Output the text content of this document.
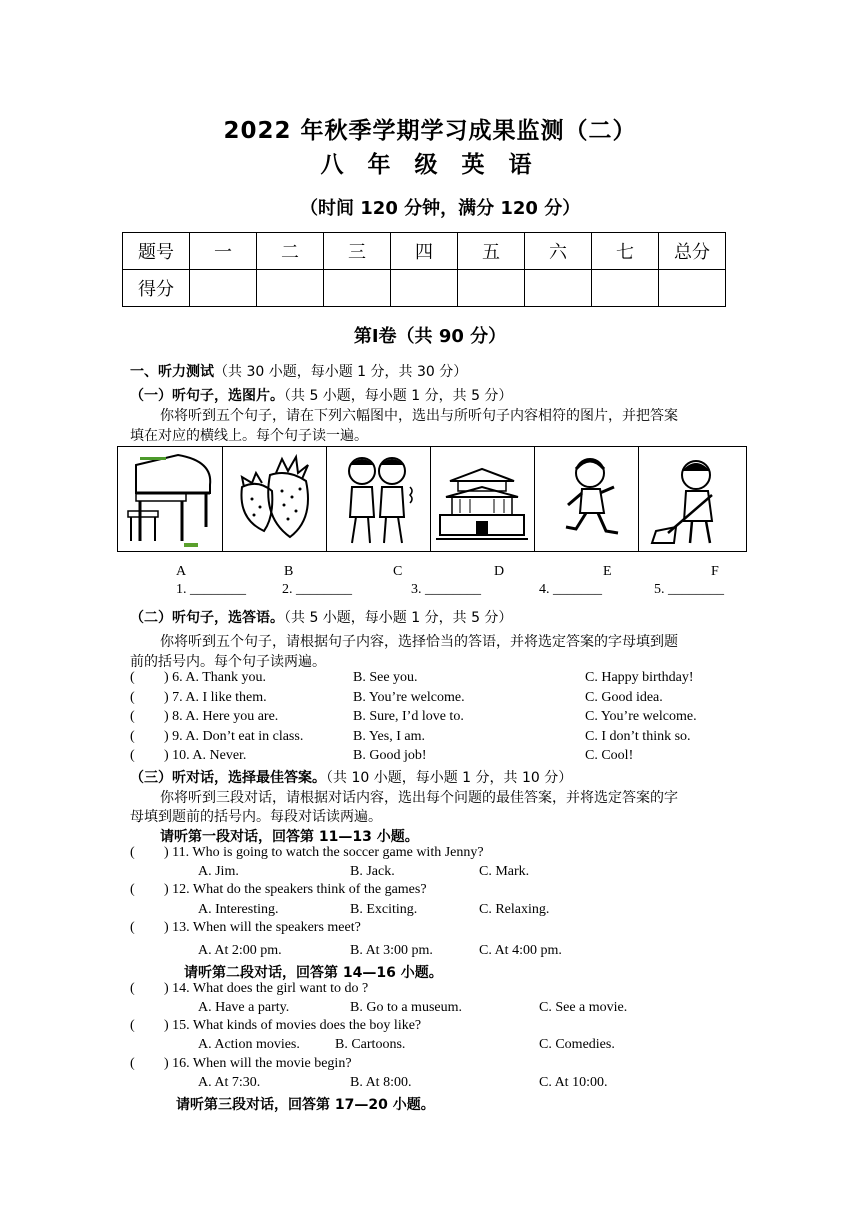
2022 年秋季学期学习成果监测（二）
八 年 级 英 语
（时间 120 分钟，满分 120 分）
题号	一	二	三	四	五	六	七	总分
得分								
第Ⅰ卷（共 90 分）
一、听力测试（共 30 小题，每小题 1 分，共 30 分）
（一）听句子，选图片。（共 5 小题，每小题 1 分，共 5 分）
你将听到五个句子，请在下列六幅图中，选出与所听句子内容相符的图片，并把答案
填在对应的横线上。每个句子读一遍。
A	B	C	D	E	F
1. ________	2. ________	3. ________	4. _______	5. ________
（二）听句子，选答语。（共 5 小题，每小题 1 分，共 5 分）
你将听到五个句子，请根据句子内容，选择恰当的答语，并将选定答案的字母填到题
前的括号内。每个句子读两遍。
( ) 6. A. Thank you.	B. See you.	C. Happy birthday!
( ) 7. A. I like them.	B. You’re welcome.	C. Good idea.
( ) 8. A. Here you are.	B. Sure, I’d love to.	C. You’re welcome.
( ) 9. A. Don’t eat in class.	B. Yes, I am.	C. I don’t think so.
( ) 10. A. Never.	B. Good job!	C. Cool!
（三）听对话，选择最佳答案。（共 10 小题，每小题 1 分，共 10 分）
你将听到三段对话，请根据对话内容，选出每个问题的最佳答案，并将选定答案的字
母填到题前的括号内。每段对话读两遍。
请听第一段对话，回答第 11—13 小题。
( ) 11. Who is going to watch the soccer game with Jenny?
A. Jim.	B. Jack.	C. Mark.
( ) 12. What do the speakers think of the games?
A. Interesting.	B. Exciting.	C. Relaxing.
( ) 13. When will the speakers meet?
A. At 2:00 pm.	B. At 3:00 pm.	C. At 4:00 pm.
请听第二段对话，回答第 14—16 小题。
( ) 14. What does the girl want to do ?
A. Have a party.	B. Go to a museum.	C. See a movie.
( ) 15. What kinds of movies does the boy like?
A. Action movies.	B. Cartoons.	C. Comedies.
( ) 16. When will the movie begin?
A. At 7:30.	B. At 8:00.	C. At 10:00.
请听第三段对话，回答第 17—20 小题。
